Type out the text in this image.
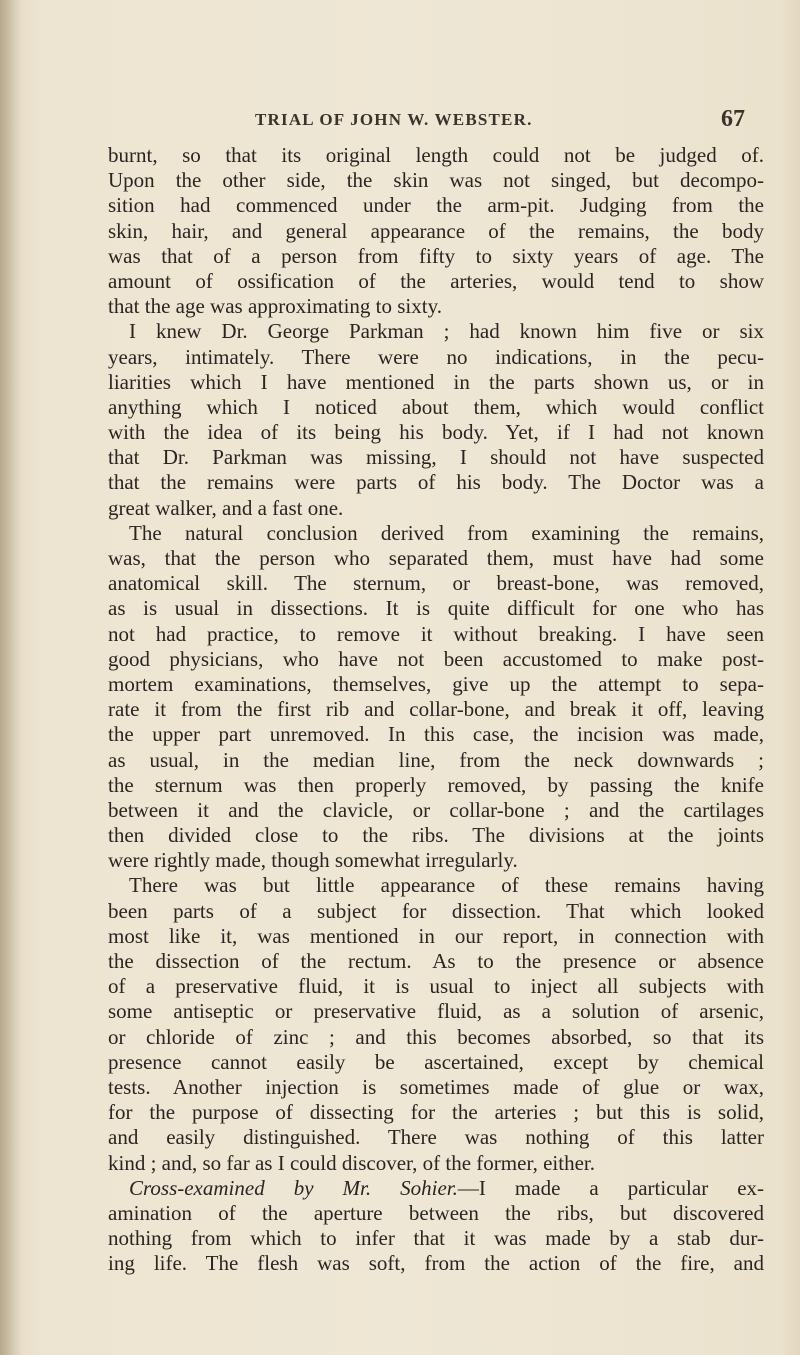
TRIAL OF JOHN W. WEBSTER.	67
burnt, so that its original length could not be judged of.
Upon the other side, the skin was not singed, but decompo-
sition had commenced under the arm-pit. Judging from the
skin, hair, and general appearance of the remains, the body
was that of a person from fifty to sixty years of age. The
amount of ossification of the arteries, would tend to show
that the age was approximating to sixty.
I knew Dr. George Parkman ; had known him five or six
years, intimately. There were no indications, in the pecu-
liarities which I have mentioned in the parts shown us, or in
anything which I noticed about them, which would conflict
with the idea of its being his body. Yet, if I had not known
that Dr. Parkman was missing, I should not have suspected
that the remains were parts of his body. The Doctor was a
great walker, and a fast one.
The natural conclusion derived from examining the remains,
was, that the person who separated them, must have had some
anatomical skill. The sternum, or breast-bone, was removed,
as is usual in dissections. It is quite difficult for one who has
not had practice, to remove it without breaking. I have seen
good physicians, who have not been accustomed to make post-
mortem examinations, themselves, give up the attempt to sepa-
rate it from the first rib and collar-bone, and break it off, leaving
the upper part unremoved. In this case, the incision was made,
as usual, in the median line, from the neck downwards ;
the sternum was then properly removed, by passing the knife
between it and the clavicle, or collar-bone ; and the cartilages
then divided close to the ribs. The divisions at the joints
were rightly made, though somewhat irregularly.
There was but little appearance of these remains having
been parts of a subject for dissection. That which looked
most like it, was mentioned in our report, in connection with
the dissection of the rectum. As to the presence or absence
of a preservative fluid, it is usual to inject all subjects with
some antiseptic or preservative fluid, as a solution of arsenic,
or chloride of zinc ; and this becomes absorbed, so that its
presence cannot easily be ascertained, except by chemical
tests. Another injection is sometimes made of glue or wax,
for the purpose of dissecting for the arteries ; but this is solid,
and easily distinguished. There was nothing of this latter
kind ; and, so far as I could discover, of the former, either.
Cross-examined by Mr. Sohier.—I made a particular ex-
amination of the aperture between the ribs, but discovered
nothing from which to infer that it was made by a stab dur-
ing life. The flesh was soft, from the action of the fire, and
